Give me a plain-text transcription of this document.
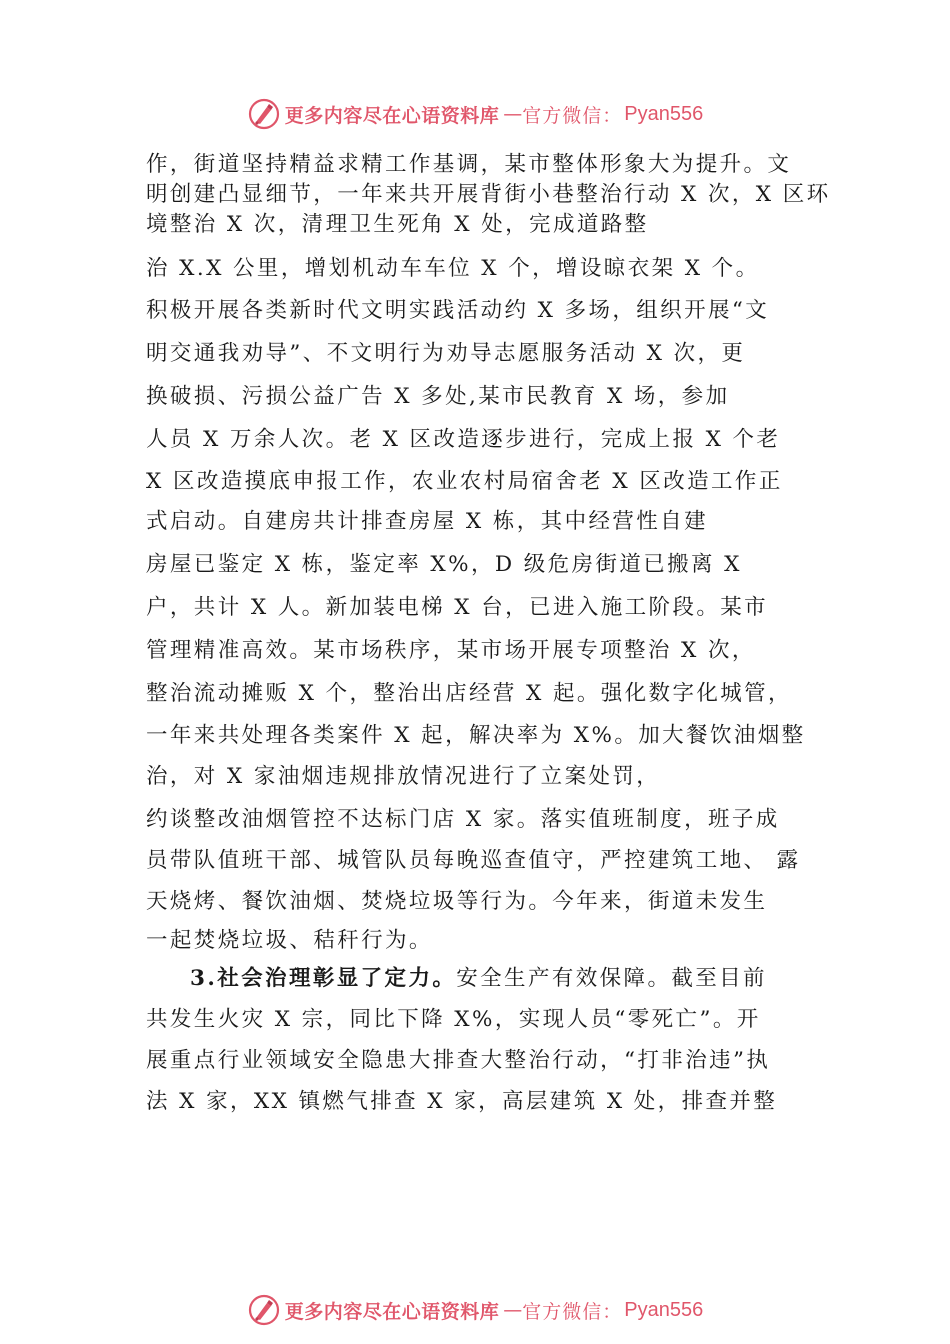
更多内容尽在心语资料库 — 官方微信： Pyan556
作，街道坚持精益求精工作基调，某市整体形象大为提升。文
明创建凸显细节，一年来共开展背街小巷整治行动 X 次，X 区环
境整治 X 次，清理卫生死角 X 处，完成道路整
治 X.X 公里，增划机动车车位 X 个，增设晾衣架 X 个。
积极开展各类新时代文明实践活动约 X 多场，组织开展“文
明交通我劝导”、不文明行为劝导志愿服务活动 X 次，更
换破损、污损公益广告 X 多处,某市民教育 X 场，参加
人员 X 万余人次。老 X 区改造逐步进行，完成上报 X 个老
X 区改造摸底申报工作，农业农村局宿舍老 X 区改造工作正
式启动。自建房共计排查房屋 X 栋，其中经营性自建
房屋已鉴定 X 栋，鉴定率 X%，D 级危房街道已搬离 X
户，共计 X 人。新加装电梯 X 台，已进入施工阶段。某市
管理精准高效。某市场秩序，某市场开展专项整治 X 次，
整治流动摊贩 X 个，整治出店经营 X 起。强化数字化城管，
一年来共处理各类案件 X 起，解决率为 X%。加大餐饮油烟整
治，对 X 家油烟违规排放情况进行了立案处罚，
约谈整改油烟管控不达标门店 X 家。落实值班制度，班子成
员带队值班干部、城管队员每晚巡查值守，严控建筑工地、 露
天烧烤、餐饮油烟、焚烧垃圾等行为。今年来，街道未发生
一起焚烧垃圾、秸秆行为。
3.社会治理彰显了定力。安全生产有效保障。截至目前
共发生火灾 X 宗，同比下降 X%，实现人员“零死亡”。开
展重点行业领域安全隐患大排查大整治行动，“打非治违”执
法 X 家，XX 镇燃气排查 X 家，高层建筑 X 处，排查并整
更多内容尽在心语资料库 — 官方微信： Pyan556
